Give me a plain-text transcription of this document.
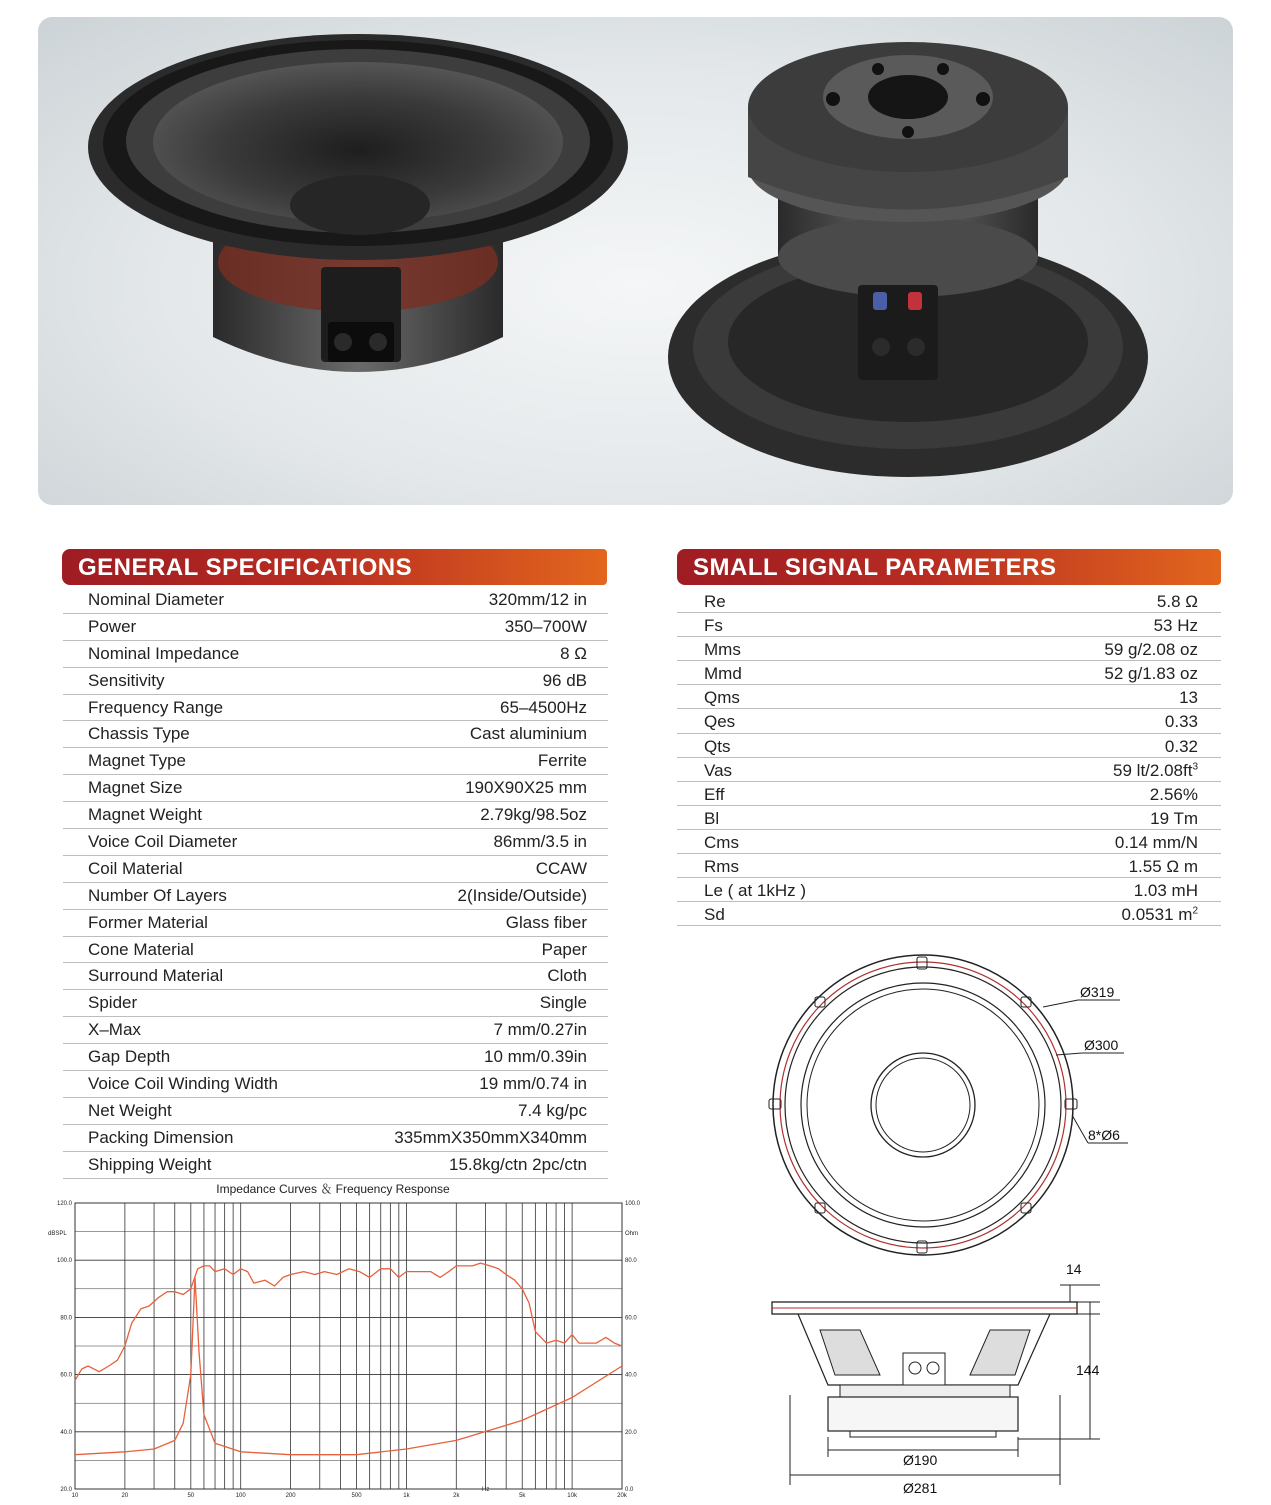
GENERAL SPECIFICATIONS
Nominal Diameter	320mm/12 in
Power	350–700W
Nominal Impedance	8 Ω
Sensitivity	96 dB
Frequency Range	65–4500Hz
Chassis Type	Cast aluminium
Magnet Type	Ferrite
Magnet Size	190X90X25 mm
Magnet Weight	2.79kg/98.5oz
Voice Coil Diameter	86mm/3.5 in
Coil Material	CCAW
Number Of Layers	2(Inside/Outside)
Former Material	Glass fiber
Cone Material	Paper
Surround Material	Cloth
Spider	Single
X–Max	7 mm/0.27in
Gap Depth	10 mm/0.39in
Voice Coil Winding Width	19 mm/0.74 in
Net Weight	7.4 kg/pc
Packing Dimension	335mmX350mmX340mm
Shipping Weight	15.8kg/ctn 2pc/ctn
SMALL SIGNAL PARAMETERS
Re	5.8 Ω
Fs	53 Hz
Mms	59 g/2.08 oz
Mmd	52 g/1.83 oz
Qms	13
Qes	0.33
Qts	0.32
Vas	59 $lt/2.08ft^3$
Eff	2.56%
Bl	19 Tm
Cms	0.14 mm/N
Rms	1.55 Ω m
Le ( at 1kHz )	1.03 mH
Sd	0.0531 $m^2$
Ø319
Ø300
8*Ø6
14
144
Ø190
Ø281
Impedance Curves ＆ Frequency Response
dBSPL	Ohm
Hz
10	20	50	100	200	500	1k	2k	5k	10k	20k
20.0
40.0
60.0
80.0
100.0
120.0
0.0
20.0
40.0
60.0
80.0
100.0
